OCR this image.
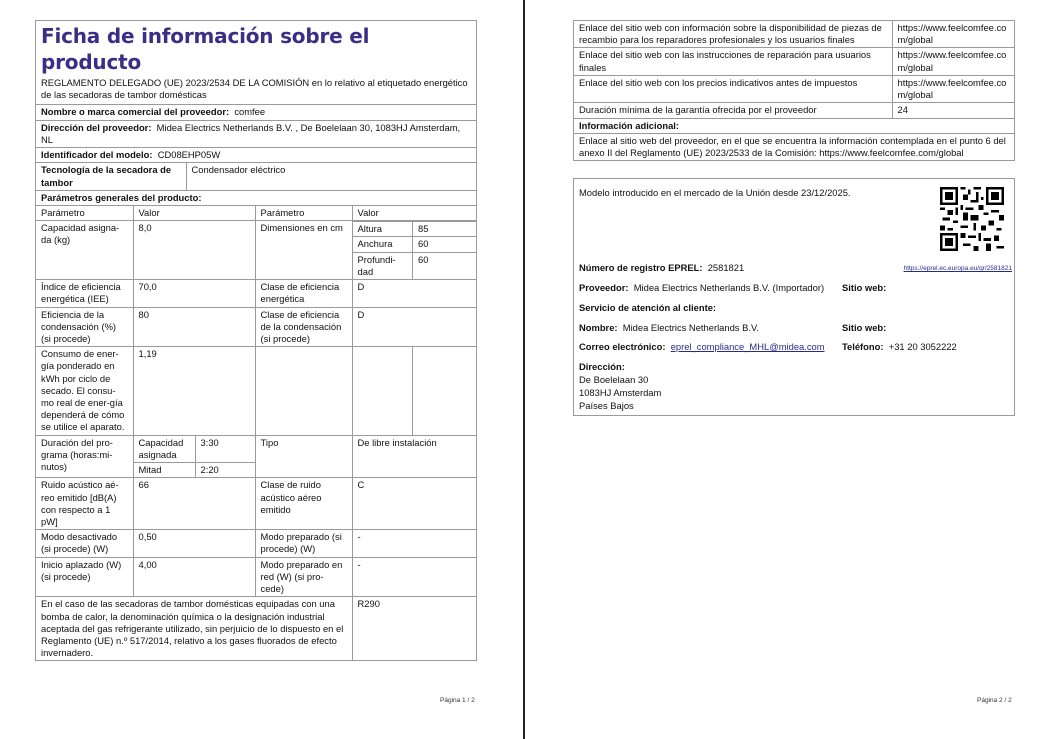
Ficha de información sobre el producto
REGLAMENTO DELEGADO (UE) 2023/2534 DE LA COMISIÓN en lo relativo al etiquetado energético de las secadoras de tambor domésticas
Nombre o marca comercial del proveedor: comfee
Dirección del proveedor: Midea Electrics Netherlands B.V. , De Boelelaan 30, 1083HJ Amsterdam, NL
Identificador del modelo: CD08EHP05W
Tecnología de la secadora de tambor	Condensador eléctrico
Parámetros generales del producto:
Parámetro	Valor	Parámetro	Valor
Capacidad asigna-da (kg)	8,0	Dimensiones en cm	Altura	85
Anchura	60
Profundi-dad	60

Índice de eficiencia energética (IEE)	70,0	Clase de eficiencia energética	D
Eficiencia de la condensación (%) (si procede)	80	Clase de eficiencia de la condensación (si procede)	D
Consumo de ener-gía ponderado en kWh por ciclo de secado. El consu-mo real de ener-gía dependerá de cómo se utilice el aparato.	1,19			
Duración del pro-grama (horas:mi-nutos)	Capacidad asignada	3:30	Tipo	De libre instalación
Mitad	2:20
Ruido acústico aé-reo emitido [dB(A) con respecto a 1 pW]	66	Clase de ruido acústico aéreo emitido	C
Modo desactivado (si procede) (W)	0,50	Modo preparado (si procede) (W)	-
Inicio aplazado (W) (si procede)	4,00	Modo preparado en red (W) (si pro-cede)	-
En el caso de las secadoras de tambor domésticas equipadas con una bomba de calor, la denominación química o la designación industrial aceptada del gas refrigerante utilizado, sin perjuicio de lo dispuesto en el Reglamento (UE) n.º 517/2014, relativo a los gases fluorados de efecto invernadero.	R290
Página 1 / 2
Enlace del sitio web con información sobre la disponibilidad de piezas de recambio para los reparadores profesionales y los usuarios finales	https://www.feelcomfee.com/global
Enlace del sitio web con las instrucciones de reparación para usuarios finales	https://www.feelcomfee.com/global
Enlace del sitio web con los precios indicativos antes de impuestos	https://www.feelcomfee.com/global
Duración mínima de la garantía ofrecida por el proveedor	24
Información adicional:	
Enlace al sitio web del proveedor, en el que se encuentra la información contemplada en el punto 6 del anexo II del Reglamento (UE) 2023/2533 de la Comisión: https://www.feelcomfee.com/global	
Modelo introducido en el mercado de la Unión desde 23/12/2025.
Número de registro EPREL: 2581821	https://eprel.ec.europa.eu/qr/2581821
Proveedor: Midea Electrics Netherlands B.V. (Importador) Sitio web:
Servicio de atención al cliente:
Nombre: Midea Electrics Netherlands B.V.	Sitio web:
Correo electrónico: eprel_compliance_MHL@midea.com Teléfono: +31 20 3052222
Dirección:
De Boelelaan 30
1083HJ Amsterdam
Países Bajos
Página 2 / 2
